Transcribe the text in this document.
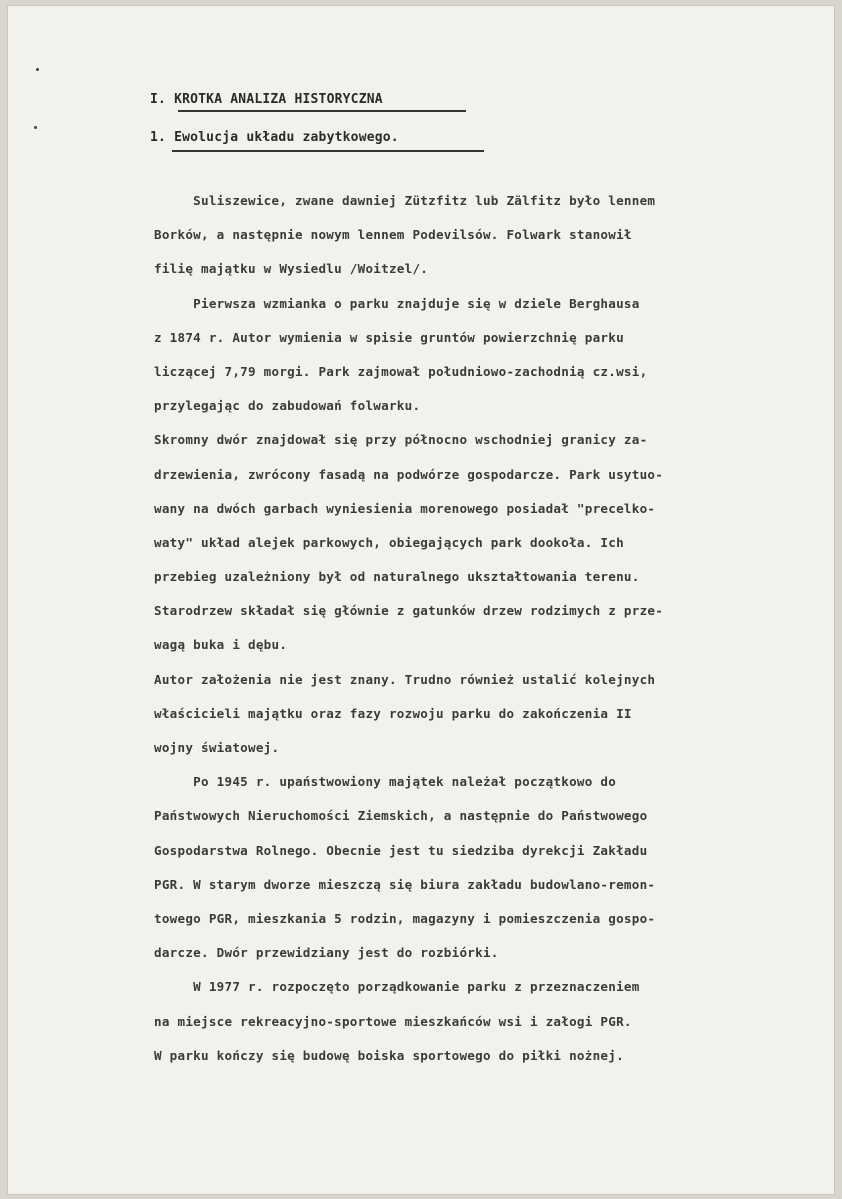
I. KROTKA ANALIZA HISTORYCZNA
1. Ewolucja układu zabytkowego.
Suliszewice, zwane dawniej Zützfitz lub Zälfitz było lennem
Borków, a następnie nowym lennem Podevilsów. Folwark stanowił
filię majątku w Wysiedlu /Woitzel/.
Pierwsza wzmianka o parku znajduje się w dziele Berghausa
z 1874 r. Autor wymienia w spisie gruntów powierzchnię parku
liczącej 7,79 morgi. Park zajmował południowo-zachodnią cz.wsi,
przylegając do zabudowań folwarku.
Skromny dwór znajdował się przy północno wschodniej granicy za-
drzewienia, zwrócony fasadą na podwórze gospodarcze. Park usytuo-
wany na dwóch garbach wyniesienia morenowego posiadał "precelko-
waty" układ alejek parkowych, obiegających park dookoła. Ich
przebieg uzależniony był od naturalnego ukształtowania terenu.
Starodrzew składał się głównie z gatunków drzew rodzimych z prze-
wagą buka i dębu.
Autor założenia nie jest znany. Trudno również ustalić kolejnych
właścicieli majątku oraz fazy rozwoju parku do zakończenia II
wojny światowej.
Po 1945 r. upaństwowiony majątek należał początkowo do
Państwowych Nieruchomości Ziemskich, a następnie do Państwowego
Gospodarstwa Rolnego. Obecnie jest tu siedziba dyrekcji Zakładu
PGR. W starym dworze mieszczą się biura zakładu budowlano-remon-
towego PGR, mieszkania 5 rodzin, magazyny i pomieszczenia gospo-
darcze. Dwór przewidziany jest do rozbiórki.
W 1977 r. rozpoczęto porządkowanie parku z przeznaczeniem
na miejsce rekreacyjno-sportowe mieszkańców wsi i załogi PGR.
W parku kończy się budowę boiska sportowego do piłki nożnej.
